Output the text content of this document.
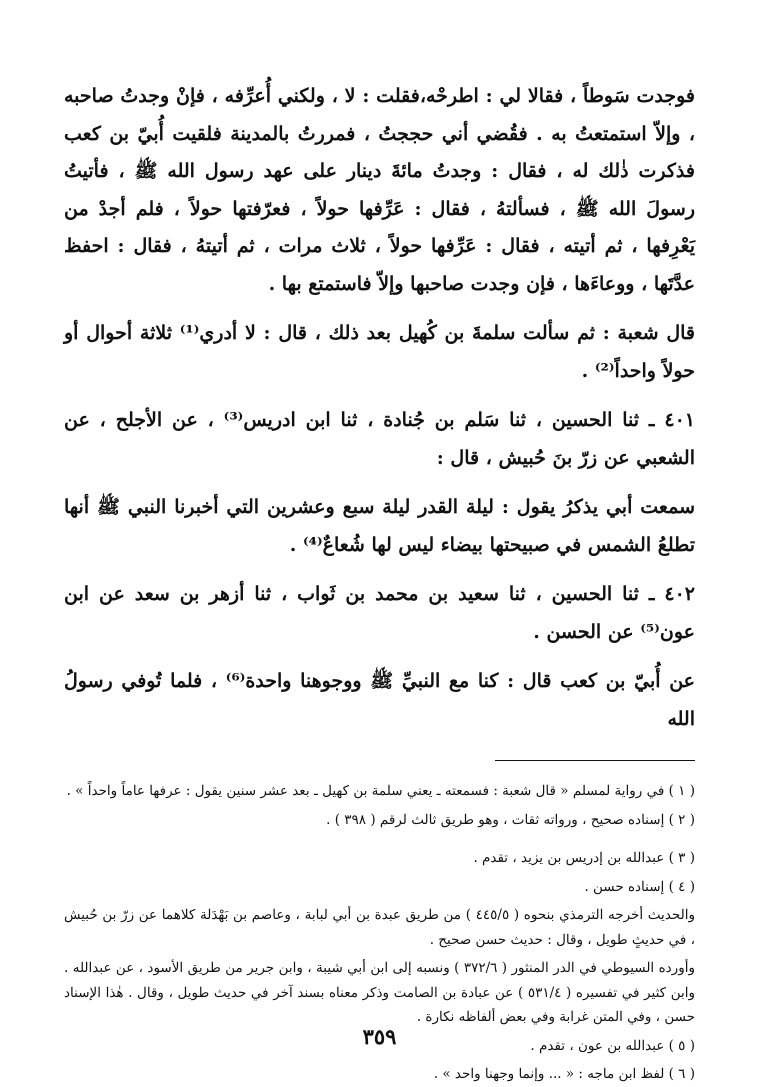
فوجدت سَوطاً ، فقالا لي : اطرحْه،فقلت : لا ، ولكني أُعرِّفه ، فإنْ وجدتُ صاحبه ، وإلاّ استمتعتُ به . فقُضي أني حججتُ ، فمررتُ بالمدينة فلقيت أُبيّ بن كعب فذكرت ذٰلك له ، فقال : وجدتُ مائةَ دينار على عهد رسول الله ﷺ ، فأتيتُ رسولَ الله ﷺ ، فسألتهُ ، فقال : عَرِّفها حولاً ، فعرّفتها حولاً ، فلم أجدْ من يَعْرِفها ، ثم أتيته ، فقال : عَرِّفها حولاً ، ثلاث مرات ، ثم أتيتهُ ، فقال : احفظ عدَّتَها ، ووعاءَها ، فإن وجدت صاحبها وإلاّ فاستمتع بها .

قال شعبة : ثم سألت سلمةَ بن كُهيل بعد ذلك ، قال : لا أدري⁽¹⁾ ثلاثة أحوال أو حولاً واحداً⁽²⁾ .

٤٠١ ـ ثنا الحسين ، ثنا سَلم بن جُنادة ، ثنا ابن ادريس⁽³⁾ ، عن الأجلح ، عن الشعبي عن زرّ بنَ حُبيش ، قال :

سمعت أبي يذكرُ يقول : ليلة القدر ليلة سبع وعشرين التي أخبرنا النبي ﷺ أنها تطلعُ الشمس في صبيحتها بيضاء ليس لها شُعاعٌ⁽⁴⁾ .

٤٠٢ ـ ثنا الحسين ، ثنا سعيد بن محمد بن ثَواب ، ثنا أزهر بن سعد عن ابن عون⁽⁵⁾ عن الحسن .

عن أُبيّ بن كعب قال : كنا مع النبيِّ ﷺ ووجوهنا واحدة⁽⁶⁾ ، فلما تُوفي رسولُ الله

( ١ ) في رواية لمسلم « قال شعبة : فسمعته ـ يعني سلمة بن كهيل ـ بعد عشر سنين يقول : عرفها عاماً واحداً » .

( ٢ ) إسناده صحيح ، ورواته ثقات ، وهو طريق ثالث لرقم ( ٣٩٨ ) .

( ٣ ) عبدالله بن إدريس بن يزيد ، تقدم .

( ٤ ) إسناده حسن .

والحديث أخرجه الترمذي بنحوه ( ٤٤٥/٥ ) من طريق عبدة بن أبي لبابة ، وعاصم بن بَهْدَلة كلاهما عن زرّ بن حُبيش ، في حديثٍ طويل ، وقال : حديث حسن صحيح .

وأورده السيوطي في الدر المنثور ( ٣٧٢/٦ ) ونسبه إلى ابن أبي شيبة ، وابن جرير من طريق الأسود ، عن عبدالله . وابن كثير في تفسيره ( ٥٣١/٤ ) عن عبادة بن الصامت وذكر معناه بسند آخر في حديث طويل ، وقال . هٰذا الإسناد حسن ، وفي المتن غرابة وفي بعض ألفاظه نكارة .

( ٥ ) عبدالله بن عون ، تقدم .

( ٦ ) لفظ ابن ماجه : « ... وإنما وجهنا واحد » .

٣٥٩
